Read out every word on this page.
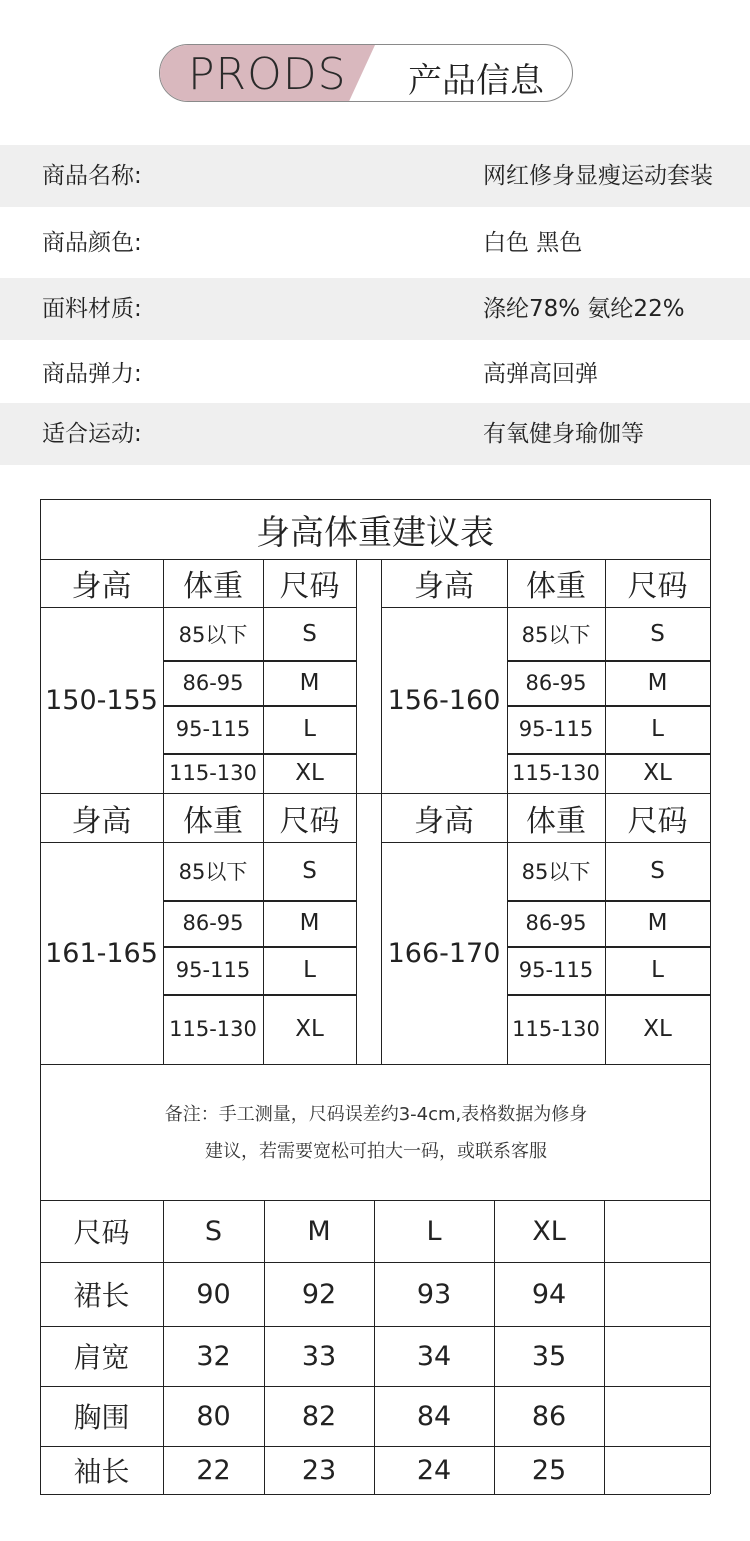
PRODS 产品信息
商品名称:	网红修身显瘦运动套装
商品颜色:	白色 黑色
面料材质:	涤纶78% 氨纶22%
商品弹力:	高弹高回弹
适合运动:	有氧健身瑜伽等
身高体重建议表
身高	体重	尺码
150-155
85以下	S
86-95	M
95-115	L
115-130	XL
身高	体重	尺码
156-160
85以下	S
86-95	M
95-115	L
115-130	XL
身高	体重	尺码
161-165
85以下	S
86-95	M
95-115	L
115-130	XL
身高	体重	尺码
166-170
85以下	S
86-95	M
95-115	L
115-130	XL
备注：手工测量，尺码误差约3-4cm,表格数据为修身
建议，若需要宽松可拍大一码，或联系客服
尺码	S	M	L	XL
裙长	90	92	93	94
肩宽	32	33	34	35
胸围	80	82	84	86
袖长	22	23	24	25
